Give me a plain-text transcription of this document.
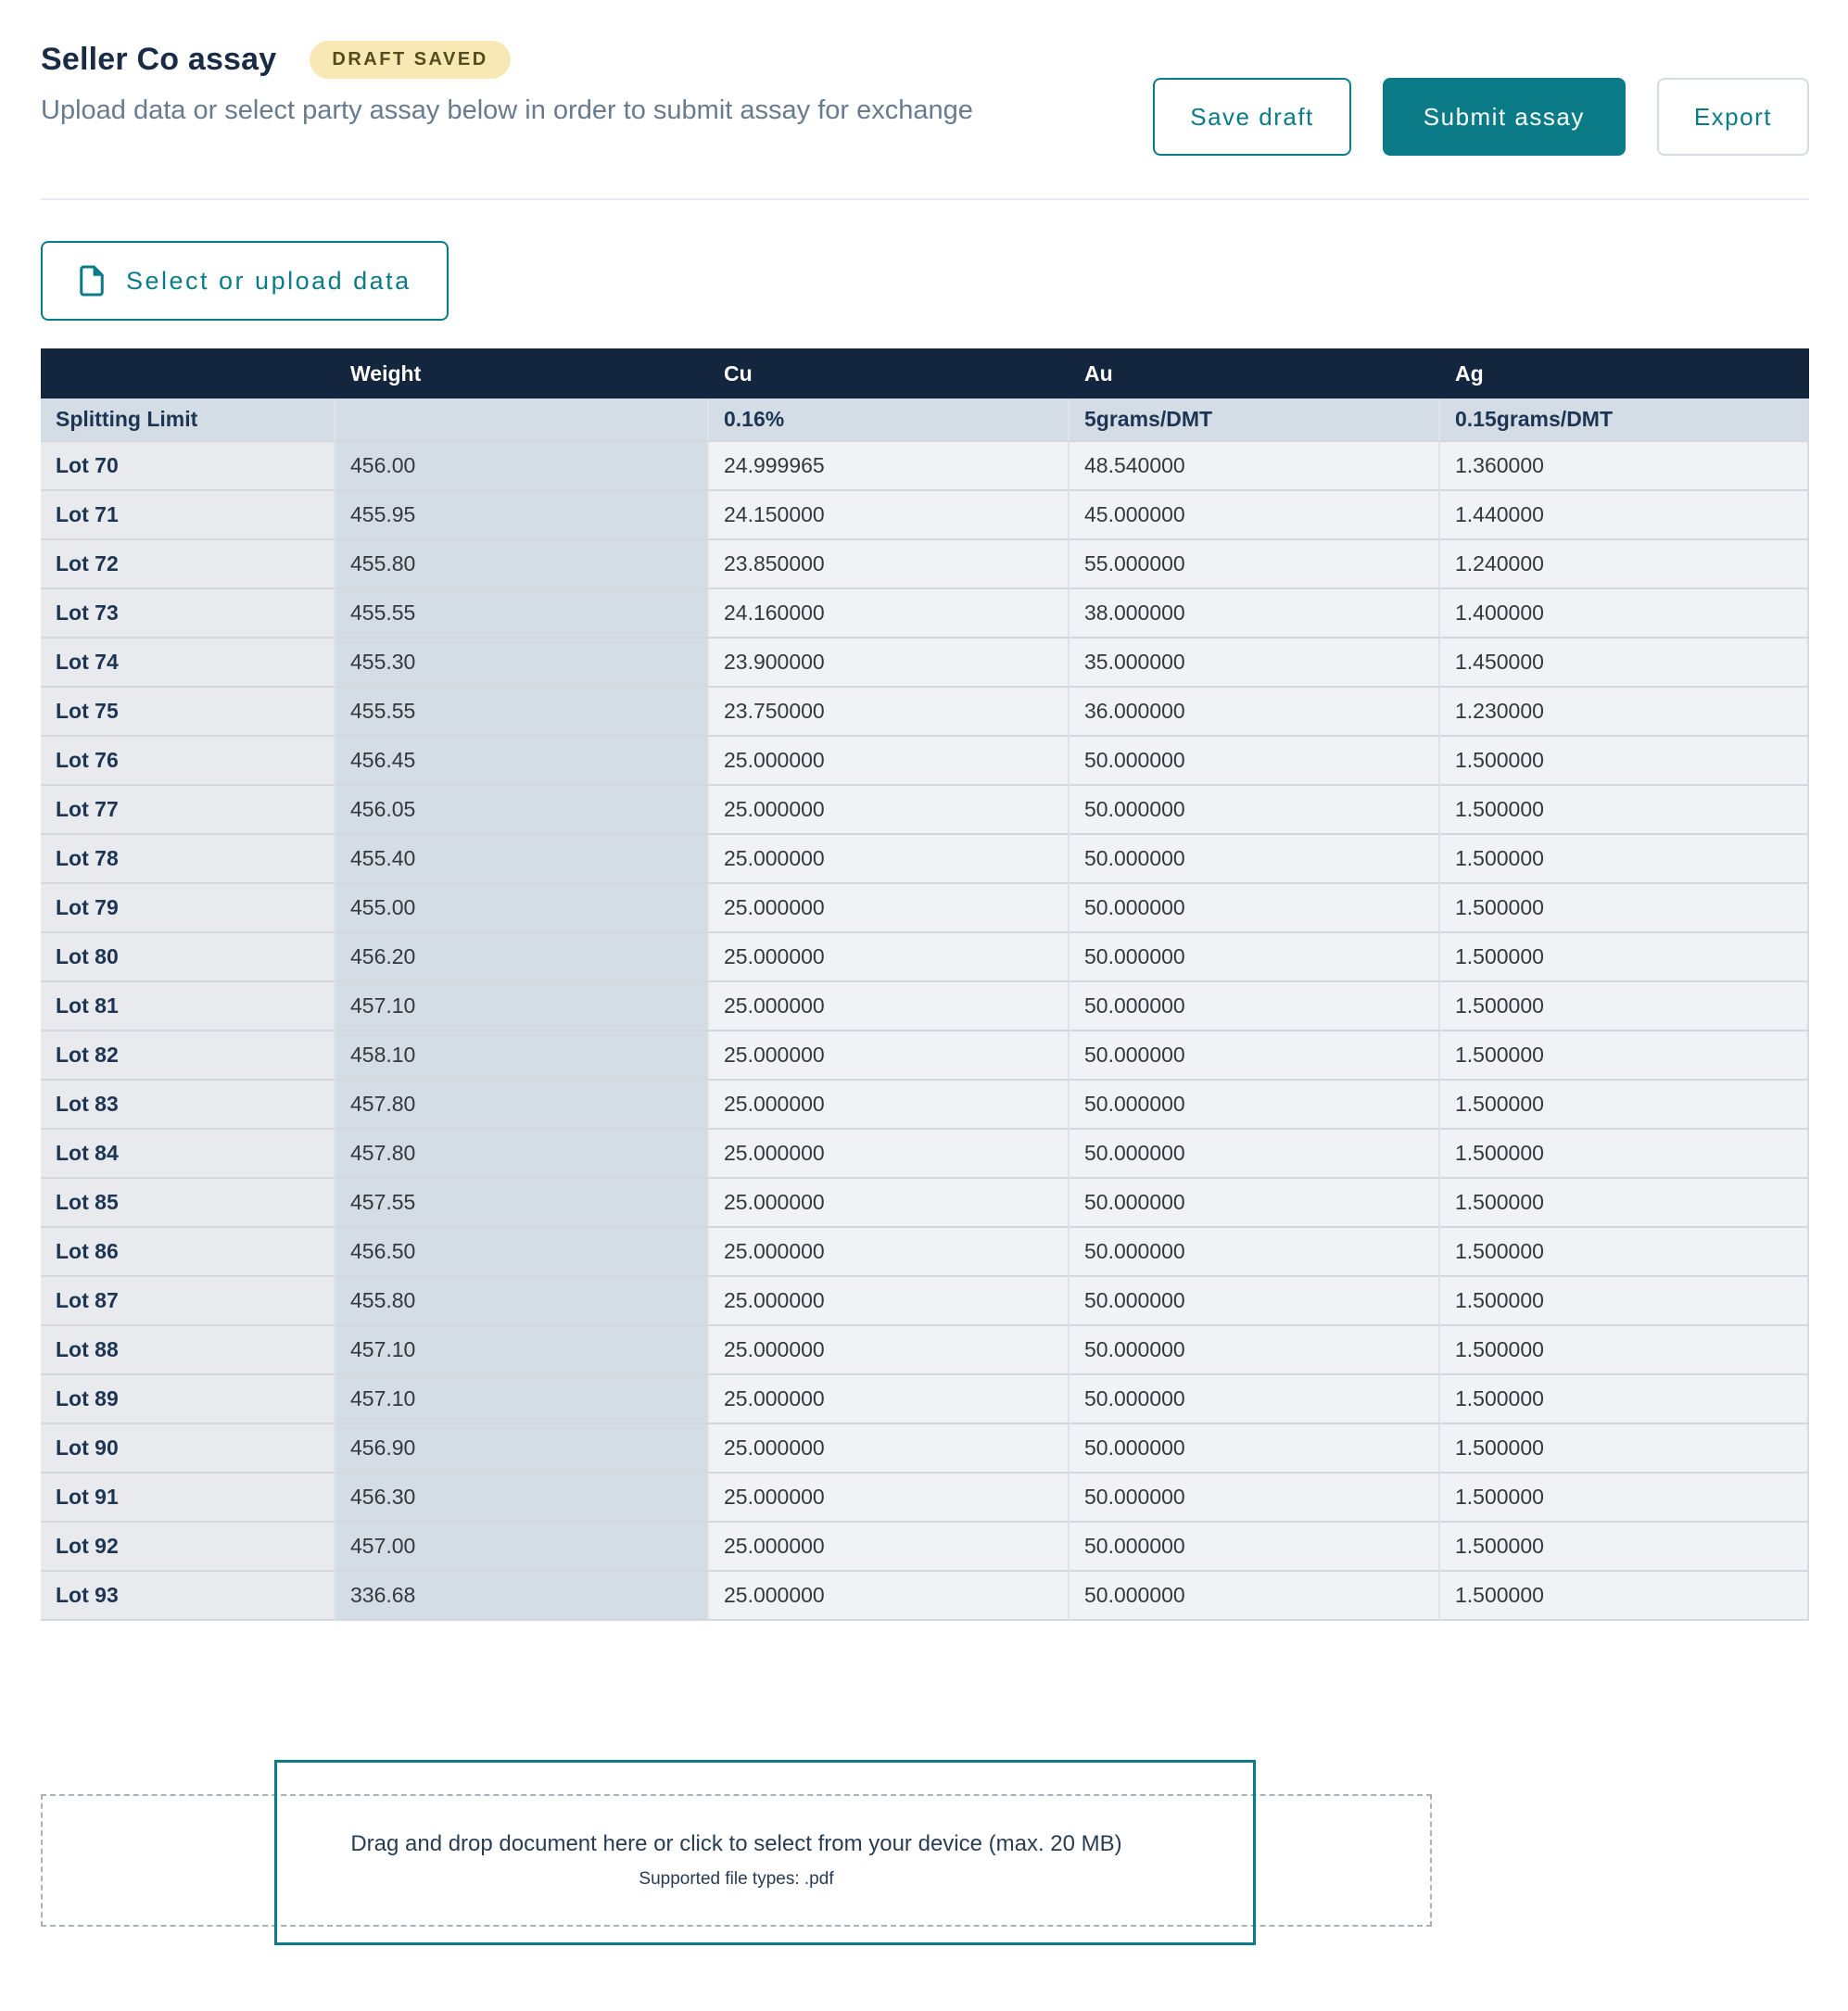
Seller Co assay	DRAFT SAVED
Upload data or select party assay below in order to submit assay for exchange	Save draft	Submit assay	Export
Select or upload data
	Weight	Cu	Au	Ag
Splitting Limit		0.16%	5grams/DMT	0.15grams/DMT
Lot 70	456.00	24.999965	48.540000	1.360000
Lot 71	455.95	24.150000	45.000000	1.440000
Lot 72	455.80	23.850000	55.000000	1.240000
Lot 73	455.55	24.160000	38.000000	1.400000
Lot 74	455.30	23.900000	35.000000	1.450000
Lot 75	455.55	23.750000	36.000000	1.230000
Lot 76	456.45	25.000000	50.000000	1.500000
Lot 77	456.05	25.000000	50.000000	1.500000
Lot 78	455.40	25.000000	50.000000	1.500000
Lot 79	455.00	25.000000	50.000000	1.500000
Lot 80	456.20	25.000000	50.000000	1.500000
Lot 81	457.10	25.000000	50.000000	1.500000
Lot 82	458.10	25.000000	50.000000	1.500000
Lot 83	457.80	25.000000	50.000000	1.500000
Lot 84	457.80	25.000000	50.000000	1.500000
Lot 85	457.55	25.000000	50.000000	1.500000
Lot 86	456.50	25.000000	50.000000	1.500000
Lot 87	455.80	25.000000	50.000000	1.500000
Lot 88	457.10	25.000000	50.000000	1.500000
Lot 89	457.10	25.000000	50.000000	1.500000
Lot 90	456.90	25.000000	50.000000	1.500000
Lot 91	456.30	25.000000	50.000000	1.500000
Lot 92	457.00	25.000000	50.000000	1.500000
Lot 93	336.68	25.000000	50.000000	1.500000
Drag and drop document here or click to select from your device (max. 20 MB)
Supported file types: .pdf
